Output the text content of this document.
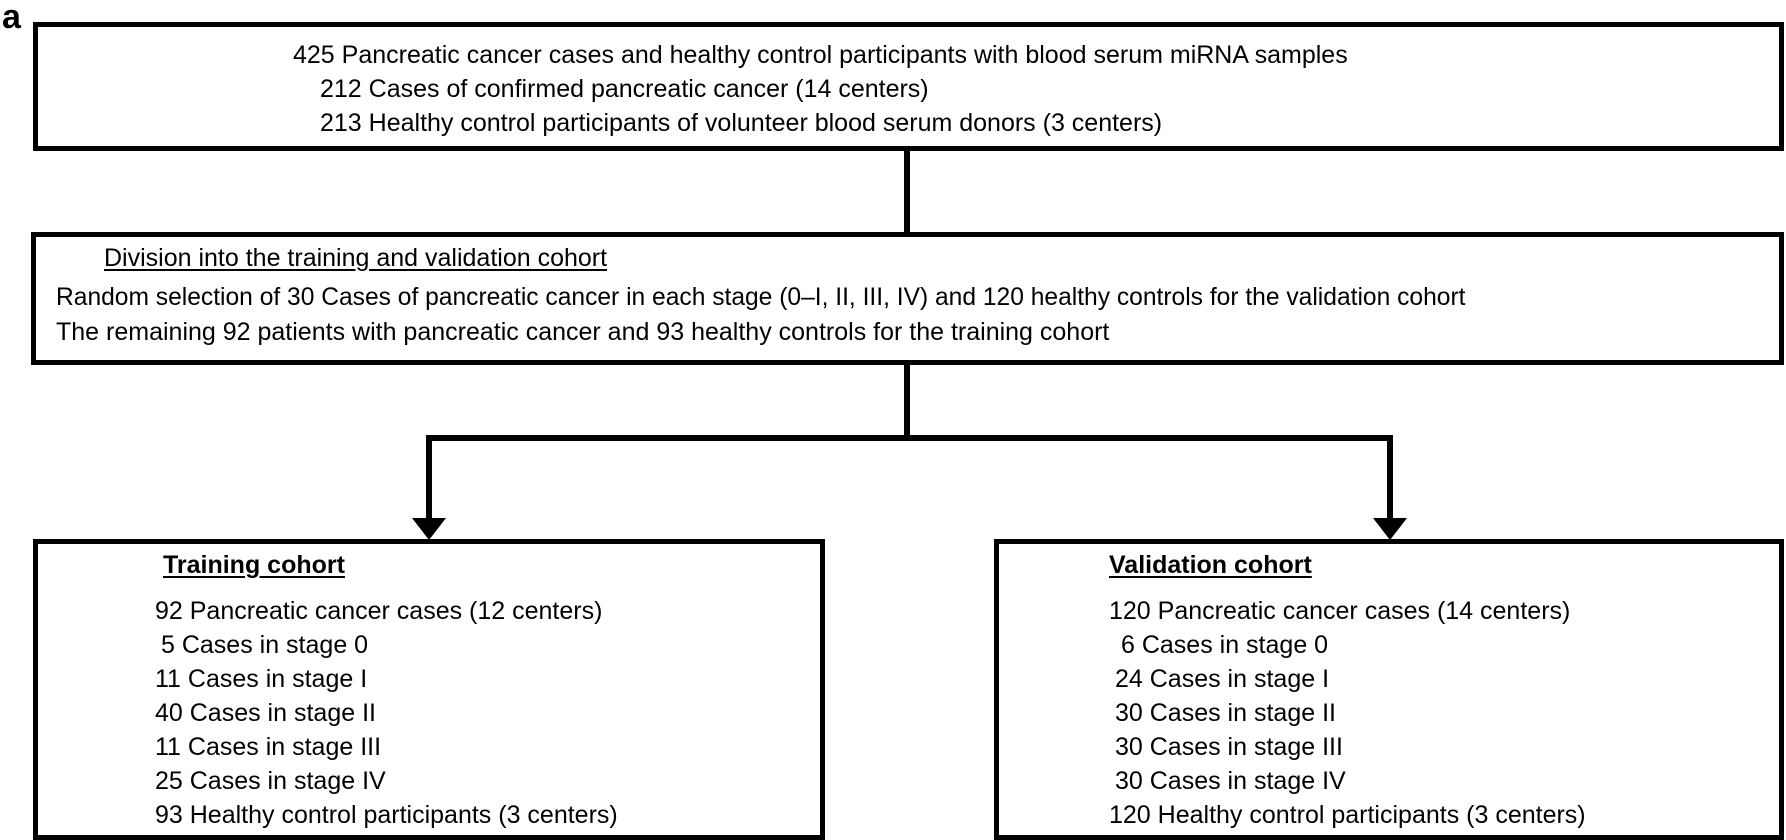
a
425 Pancreatic cancer cases and healthy control participants with blood serum miRNA samples
212 Cases of confirmed pancreatic cancer (14 centers)
213 Healthy control participants of volunteer blood serum donors (3 centers)
Division into the training and validation cohort
Random selection of 30 Cases of pancreatic cancer in each stage (0–I, II, III, IV) and 120 healthy controls for the validation cohort
The remaining 92 patients with pancreatic cancer and 93 healthy controls for the training cohort
Training cohort
92 Pancreatic cancer cases (12 centers)
5 Cases in stage 0
11 Cases in stage I
40 Cases in stage II
11 Cases in stage III
25 Cases in stage IV
93 Healthy control participants (3 centers)
Validation cohort
120 Pancreatic cancer cases (14 centers)
6 Cases in stage 0
24 Cases in stage I
30 Cases in stage II
30 Cases in stage III
30 Cases in stage IV
120 Healthy control participants (3 centers)
